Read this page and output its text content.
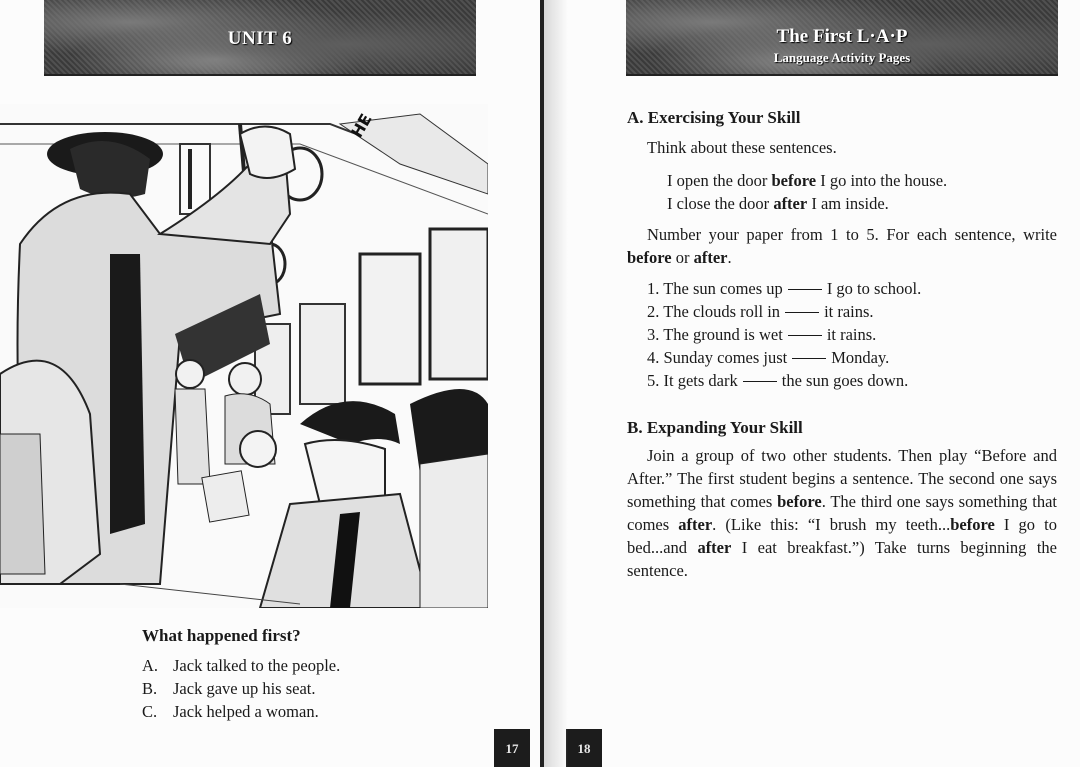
UNIT 6
HE
What happened first?
A. Jack talked to the people.
B. Jack gave up his seat.
C. Jack helped a woman.
17
The First L·A·P
Language Activity Pages
A. Exercising Your Skill

Think about these sentences.

I open the door before I go into the house.
I close the door after I am inside.

Number your paper from 1 to 5. For each sentence, write before or after.

1. The sun comes up	I go to school.
2. The clouds roll in	it rains.
3. The ground is wet	it rains.
4. Sunday comes just	Monday.
5. It gets dark	the sun goes down.
B. Expanding Your Skill

Join a group of two other students. Then play “Before and After.” The first student begins a sentence. The second one says something that comes before. The third one says something that comes after. (Like this: “I brush my teeth...before I go to bed...and after I eat breakfast.”) Take turns beginning the sentence.

18
